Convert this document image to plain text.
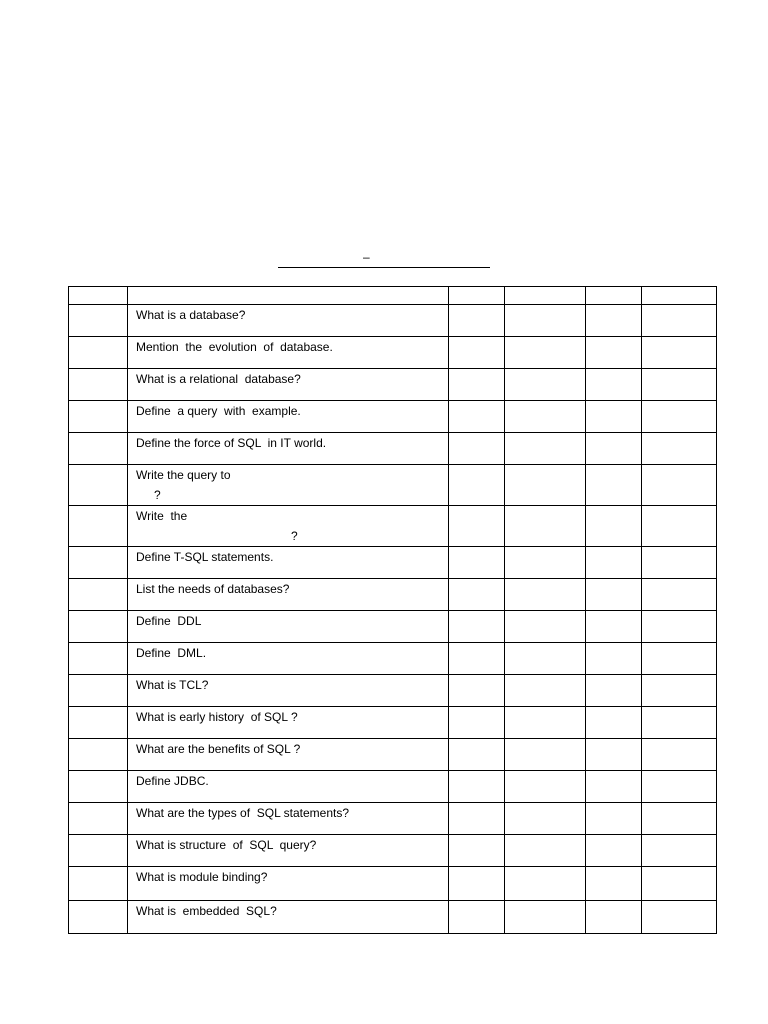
–

	What is a database?				

	Mention  the  evolution  of  database.				

	What is a relational  database?				

	Define  a query  with  example.				

	Define the force of SQL  in IT world.				

	Write the query to
?				

	Write  the
?				

	Define T-SQL statements.				

	List the needs of databases?				

	Define  DDL				

	Define  DML.				

	What is TCL?				

	What is early history  of SQL ?				

	What are the benefits of SQL ?				

	Define JDBC.				

	What are the types of  SQL statements?				

	What is structure  of  SQL  query?				

	What is module binding?				

	What is  embedded  SQL?				
